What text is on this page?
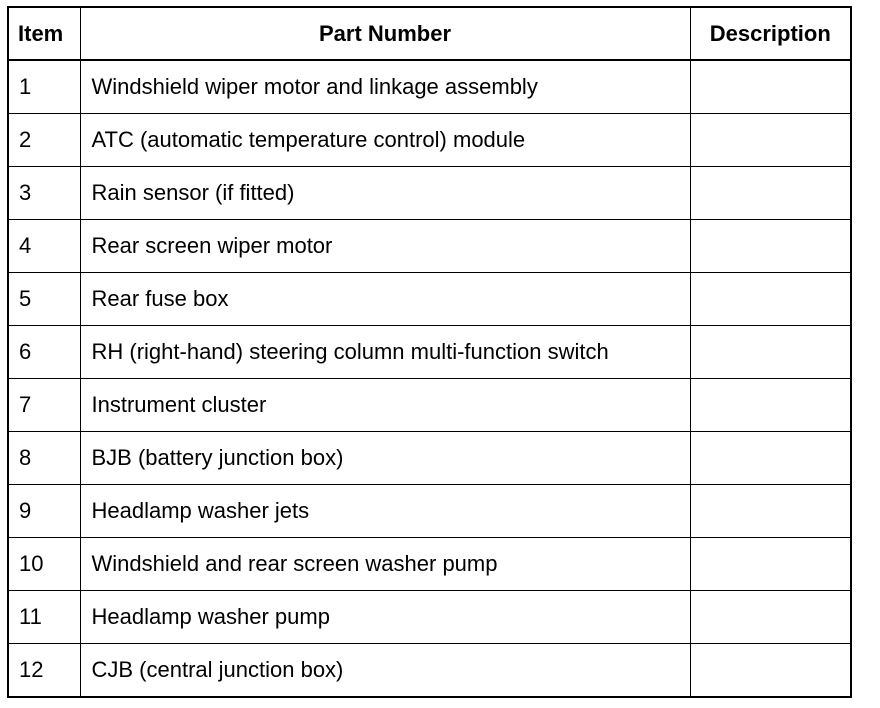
Item	Part Number	Description
1	Windshield wiper motor and linkage assembly	
2	ATC (automatic temperature control) module	
3	Rain sensor (if fitted)	
4	Rear screen wiper motor	
5	Rear fuse box	
6	RH (right-hand) steering column multi-function switch	
7	Instrument cluster	
8	BJB (battery junction box)	
9	Headlamp washer jets	
10	Windshield and rear screen washer pump	
11	Headlamp washer pump	
12	CJB (central junction box)	
